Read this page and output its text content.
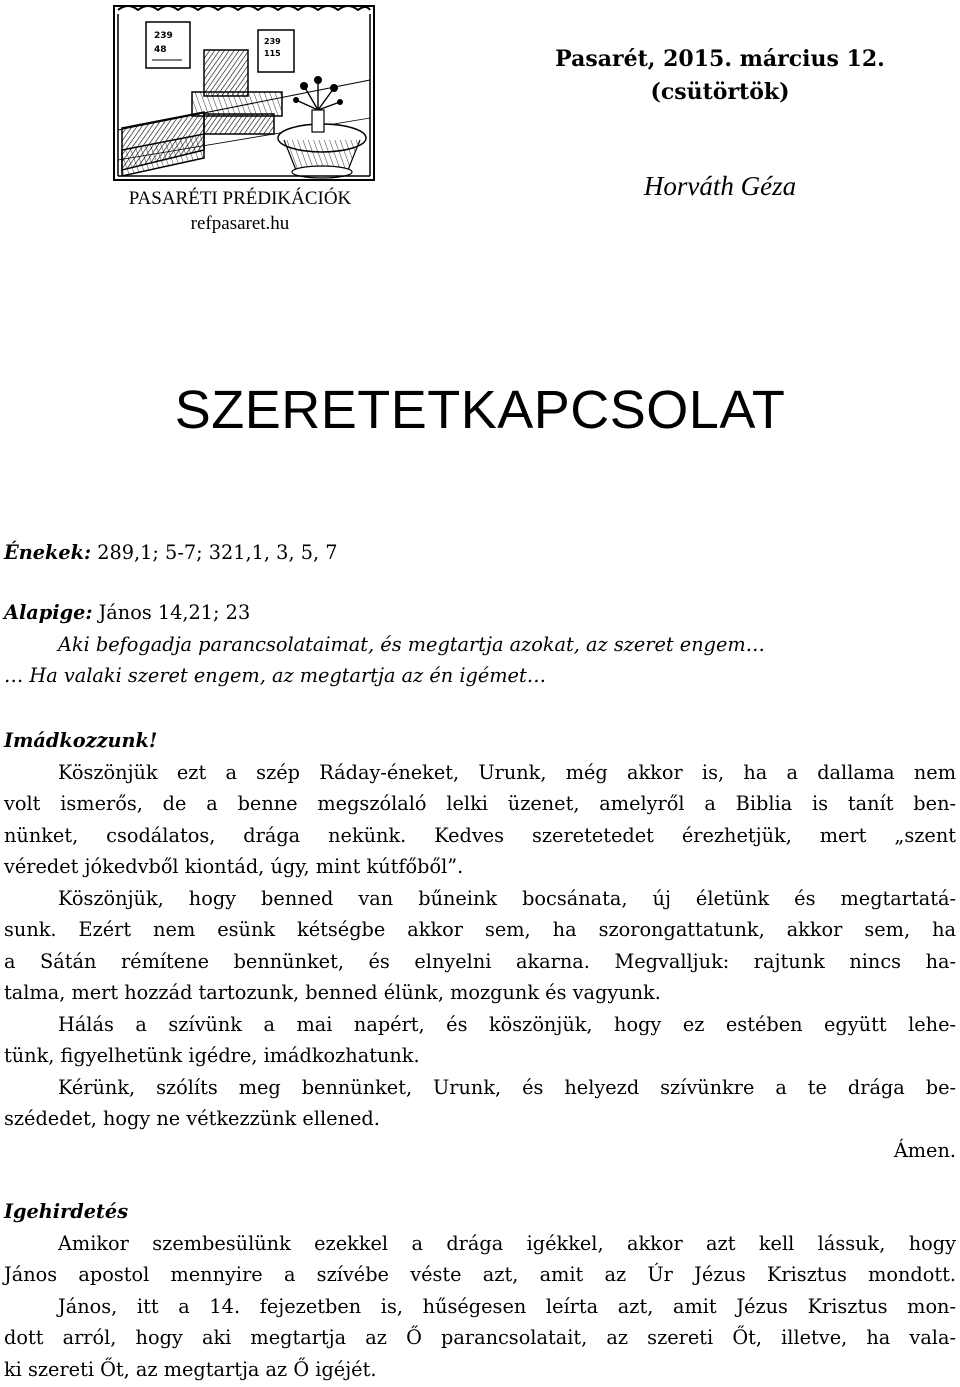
239
48
239
115
PASARÉTI PRÉDIKÁCIÓK
refpasaret.hu
Pasarét, 2015. március 12.
(csütörtök)
Horváth Géza
SZERETETKAPCSOLAT
Énekek: 289,1; 5-7; 321,1, 3, 5, 7
Alapige: János 14,21; 23
Aki befogadja parancsolataimat, és megtartja azokat, az szeret engem…
… Ha valaki szeret engem, az megtartja az én igémet…
Imádkozzunk!
Köszönjük ezt a szép Ráday-éneket, Urunk, még akkor is, ha a dallama nem
volt ismerős, de a benne megszólaló lelki üzenet, amelyről a Biblia is tanít ben-
nünket, csodálatos, drága nekünk. Kedves szeretetedet érezhetjük, mert „szent
véredet jókedvből kiontád, úgy, mint kútfőből”.
Köszönjük, hogy benned van bűneink bocsánata, új életünk és megtartatá-
sunk. Ezért nem esünk kétségbe akkor sem, ha szorongattatunk, akkor sem, ha
a Sátán rémítene bennünket, és elnyelni akarna. Megvalljuk: rajtunk nincs ha-
talma, mert hozzád tartozunk, benned élünk, mozgunk és vagyunk.
Hálás a szívünk a mai napért, és köszönjük, hogy ez estében együtt lehe-
tünk, figyelhetünk igédre, imádkozhatunk.
Kérünk, szólíts meg bennünket, Urunk, és helyezd szívünkre a te drága be-
szédedet, hogy ne vétkezzünk ellened.
Ámen.
Igehirdetés
Amikor szembesülünk ezekkel a drága igékkel, akkor azt kell lássuk, hogy
János apostol mennyire a szívébe véste azt, amit az Úr Jézus Krisztus mondott.
János, itt a 14. fejezetben is, hűségesen leírta azt, amit Jézus Krisztus mon-
dott arról, hogy aki megtartja az Ő parancsolatait, az szereti Őt, illetve, ha vala-
ki szereti Őt, az megtartja az Ő igéjét.
